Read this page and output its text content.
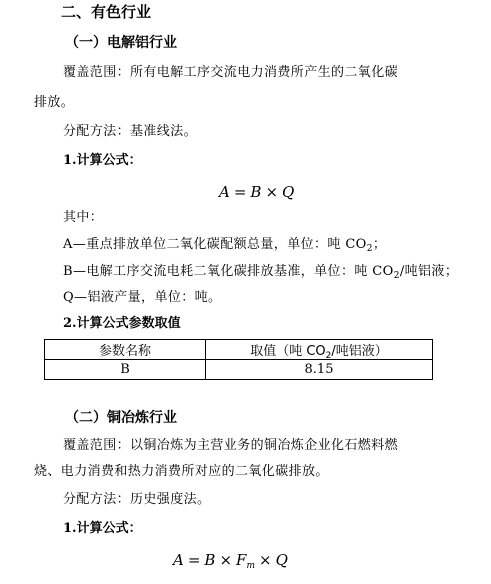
二、有色行业
（一）电解铝行业
覆盖范围：所有电解工序交流电力消费所产生的二氧化碳
排放。
分配方法：基准线法。
1.计算公式：
A = B × Q
其中：
A—重点排放单位二氧化碳配额总量，单位：吨 $CO_2$；
B—电解工序交流电耗二氧化碳排放基准，单位：吨 $CO_2/$吨铝液；
Q—铝液产量，单位：吨。
2.计算公式参数取值
参数名称	取值（吨 $CO_2/$吨铝液）
B	8.15
（二）铜冶炼行业
覆盖范围：以铜冶炼为主营业务的铜冶炼企业化石燃料燃
烧、电力消费和热力消费所对应的二氧化碳排放。
分配方法：历史强度法。
1.计算公式：
$A = B \times F_m \times Q$
